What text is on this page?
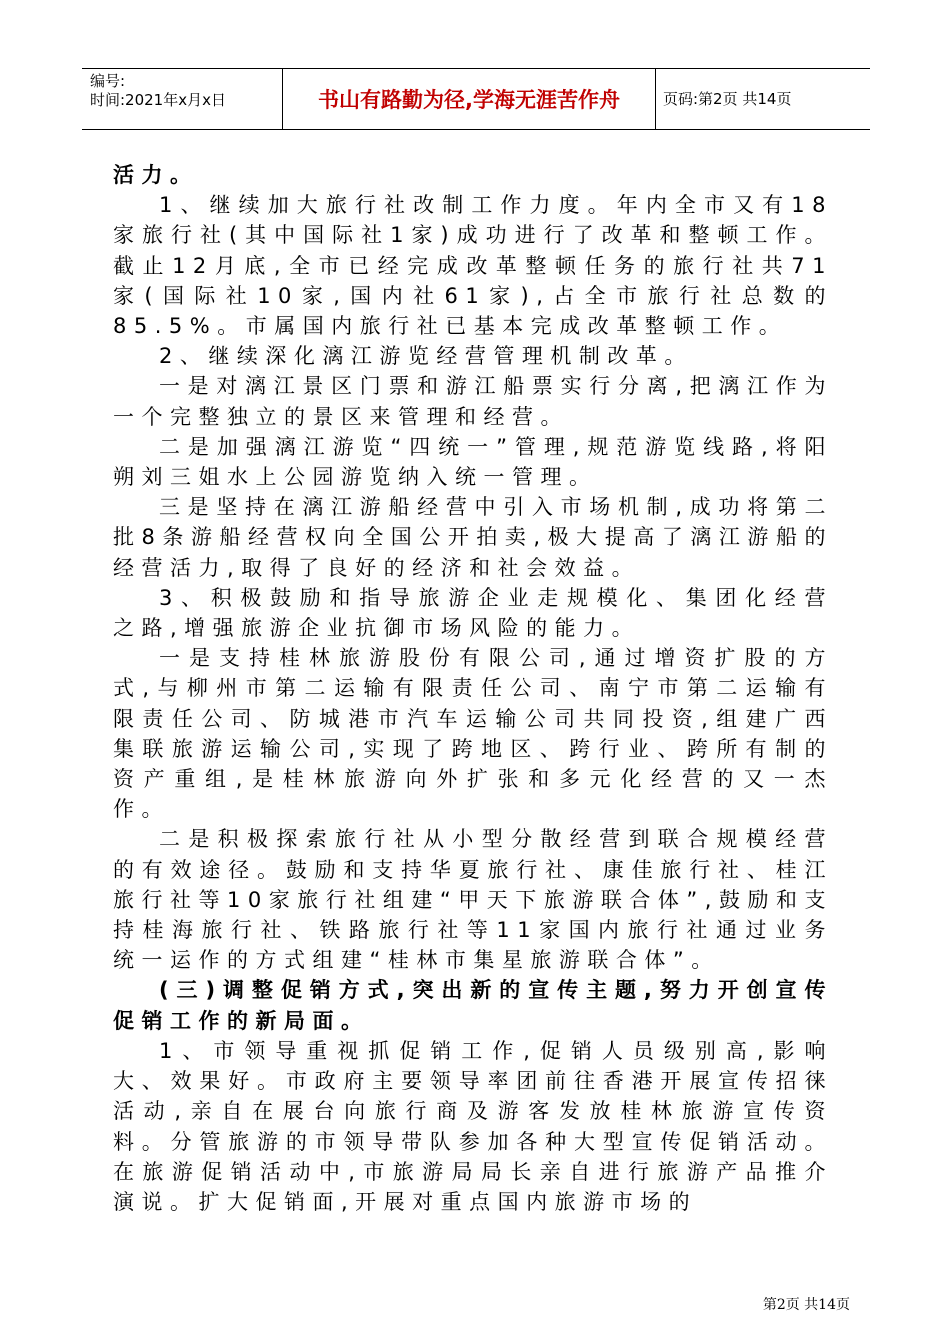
编号:
时间:2021年x月x日	书山有路勤为径,学海无涯苦作舟	页码:第2页 共14页

活力。

1、继续加大旅行社改制工作力度。年内全市又有18家旅行社(其中国际社1家)成功进行了改革和整顿工作。截止12月底,全市已经完成改革整顿任务的旅行社共71家(国际社10家,国内社61家),占全市旅行社总数的85.5%。市属国内旅行社已基本完成改革整顿工作。

2、继续深化漓江游览经营管理机制改革。

一是对漓江景区门票和游江船票实行分离,把漓江作为一个完整独立的景区来管理和经营。

二是加强漓江游览“四统一”管理,规范游览线路,将阳朔刘三姐水上公园游览纳入统一管理。

三是坚持在漓江游船经营中引入市场机制,成功将第二批8条游船经营权向全国公开拍卖,极大提高了漓江游船的经营活力,取得了良好的经济和社会效益。

3、积极鼓励和指导旅游企业走规模化、集团化经营之路,增强旅游企业抗御市场风险的能力。

一是支持桂林旅游股份有限公司,通过增资扩股的方式,与柳州市第二运输有限责任公司、南宁市第二运输有限责任公司、防城港市汽车运输公司共同投资,组建广西集联旅游运输公司,实现了跨地区、跨行业、跨所有制的资产重组,是桂林旅游向外扩张和多元化经营的又一杰作。

二是积极探索旅行社从小型分散经营到联合规模经营的有效途径。鼓励和支持华夏旅行社、康佳旅行社、桂江旅行社等10家旅行社组建“甲天下旅游联合体”,鼓励和支持桂海旅行社、铁路旅行社等11家国内旅行社通过业务统一运作的方式组建“桂林市集星旅游联合体”。

(三)调整促销方式,突出新的宣传主题,努力开创宣传促销工作的新局面。

1、市领导重视抓促销工作,促销人员级别高,影响大、效果好。市政府主要领导率团前往香港开展宣传招徕活动,亲自在展台向旅行商及游客发放桂林旅游宣传资料。分管旅游的市领导带队参加各种大型宣传促销活动。在旅游促销活动中,市旅游局局长亲自进行旅游产品推介演说。扩大促销面,开展对重点国内旅游市场的

第2页 共14页
